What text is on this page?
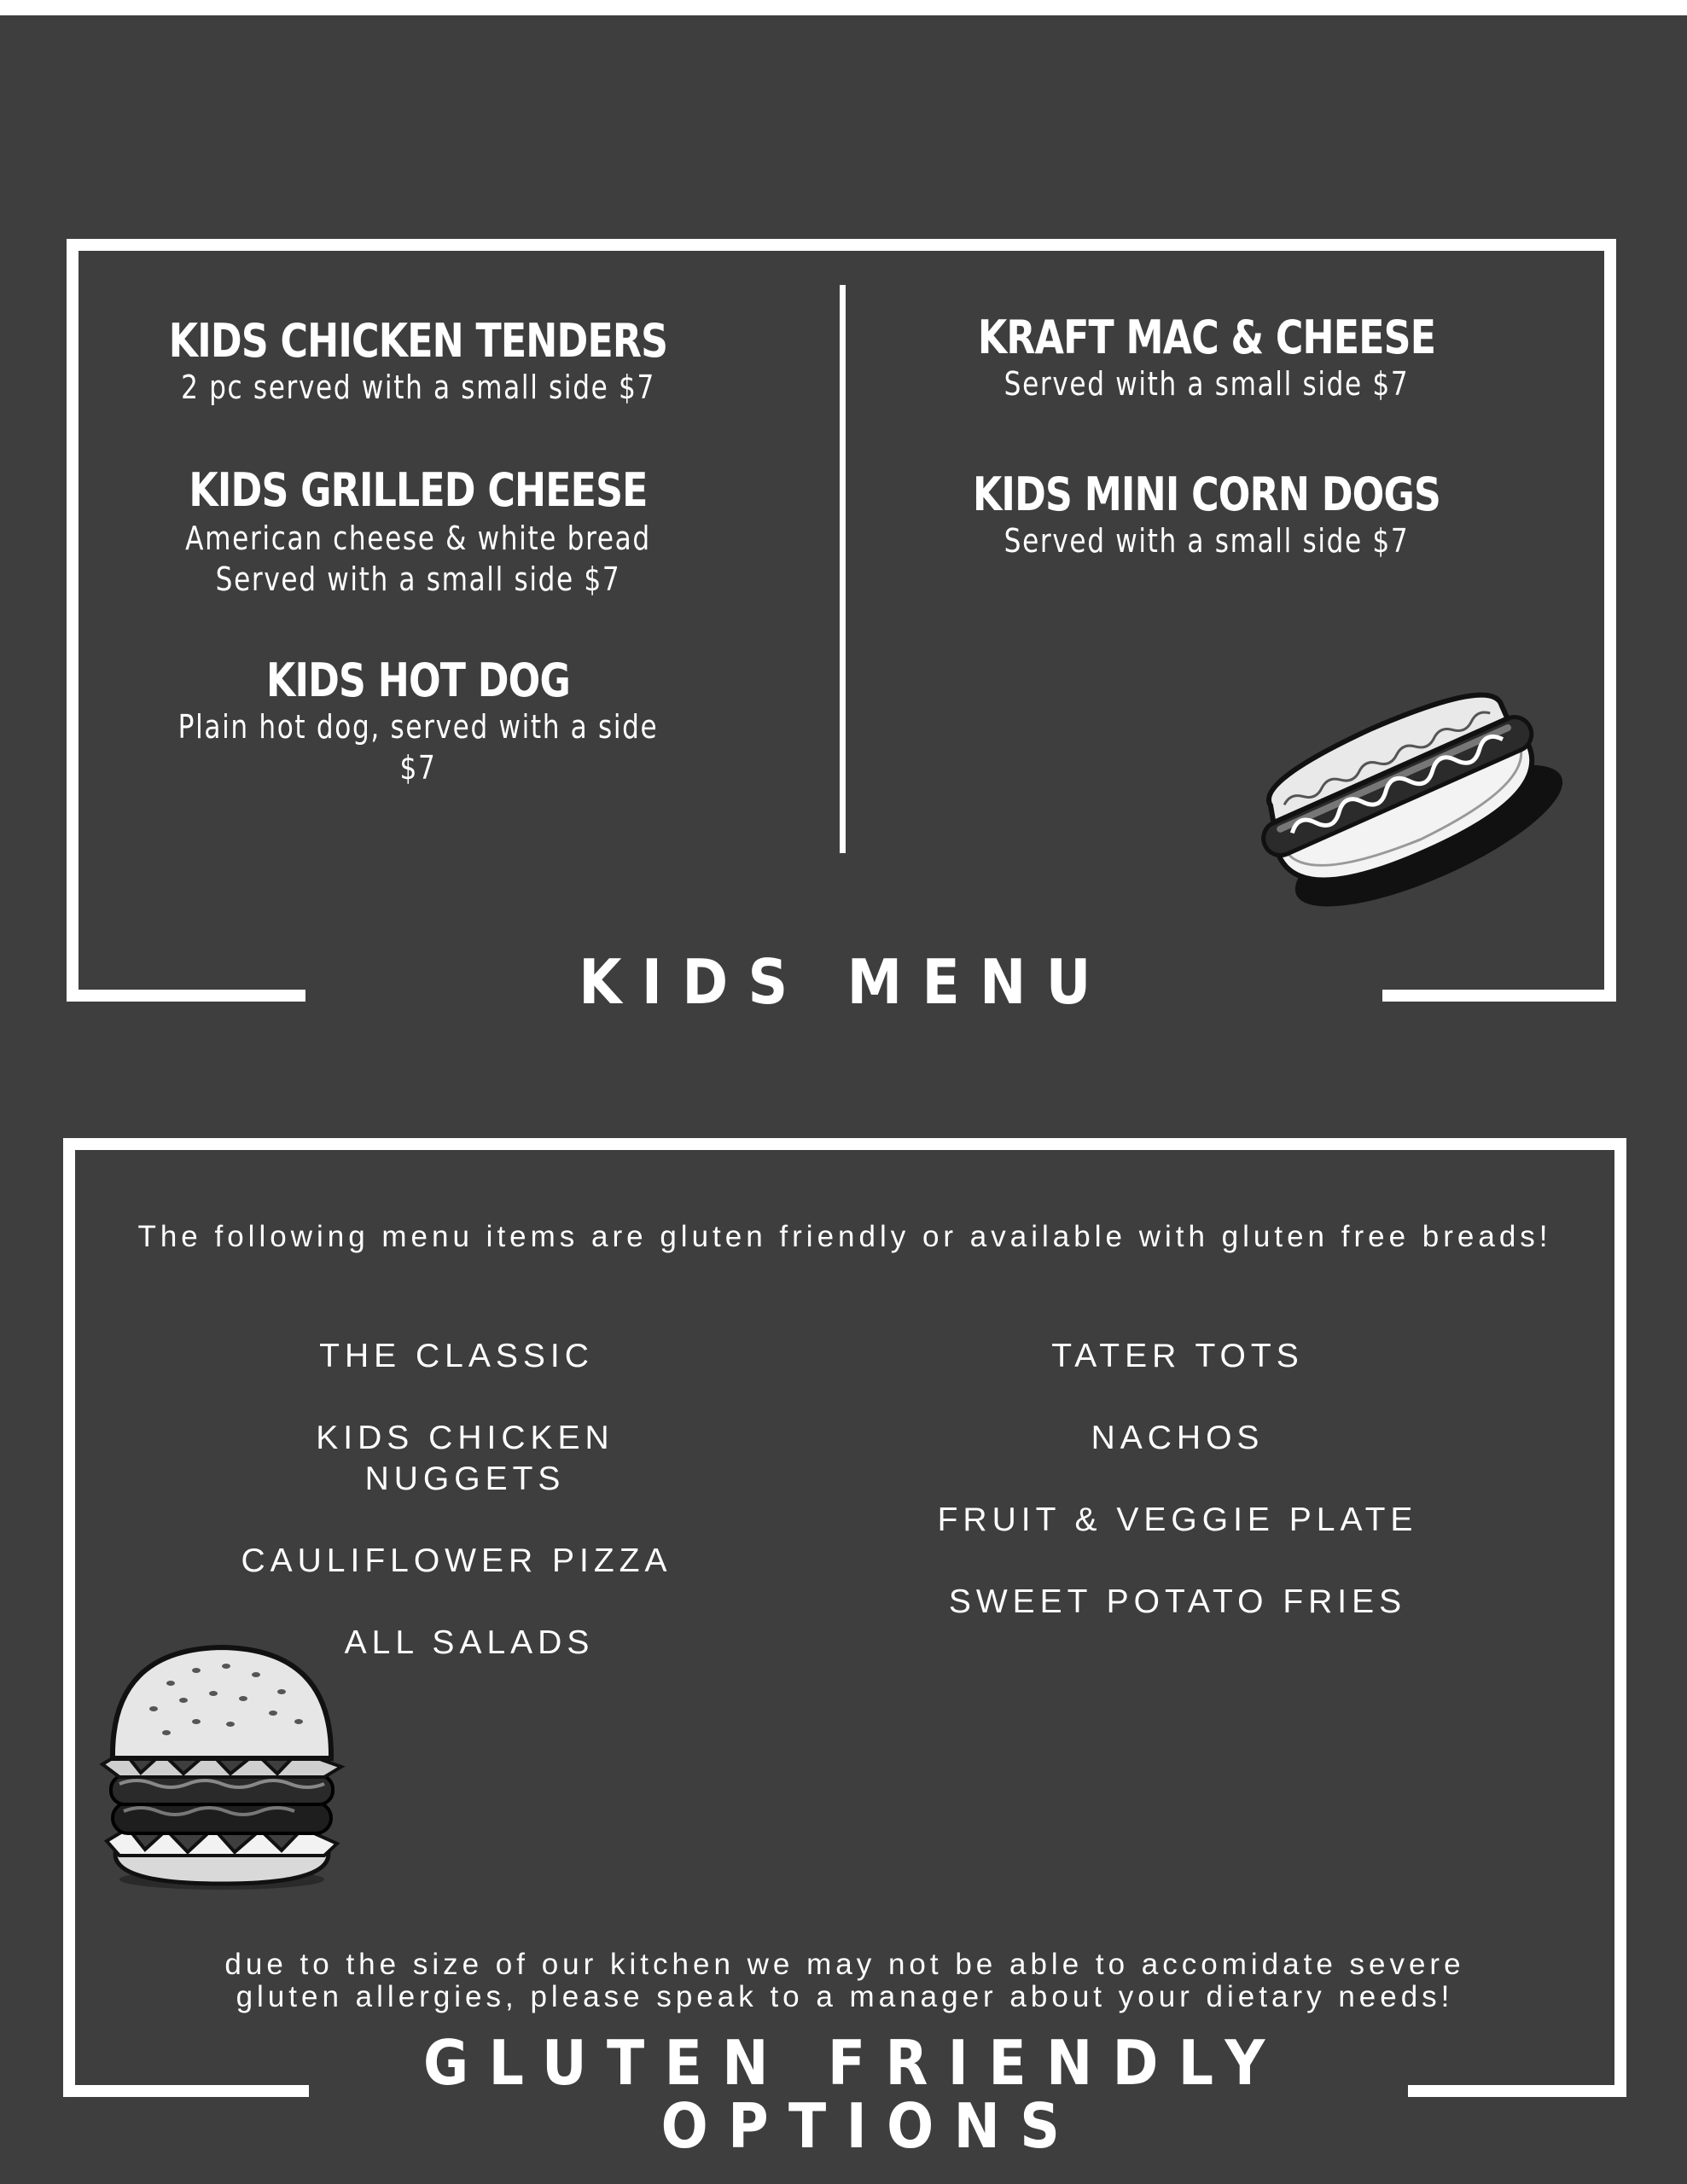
KIDS CHICKEN TENDERS
2 pc served with a small side $7
KIDS GRILLED CHEESE
American cheese & white bread
Served with a small side $7
KIDS HOT DOG
Plain hot dog, served with a side $7
KRAFT MAC & CHEESE
Served with a small side $7
KIDS MINI CORN DOGS
Served with a small side $7
KIDS MENU
The following menu items are gluten friendly or available with gluten free breads!
THE CLASSIC
KIDS CHICKEN
NUGGETS
CAULIFLOWER PIZZA
ALL SALADS
TATER TOTS
NACHOS
FRUIT & VEGGIE PLATE
SWEET POTATO FRIES
due to the size of our kitchen we may not be able to accomidate severe
gluten allergies, please speak to a manager about your dietary needs!
GLUTEN FRIENDLY
OPTIONS
